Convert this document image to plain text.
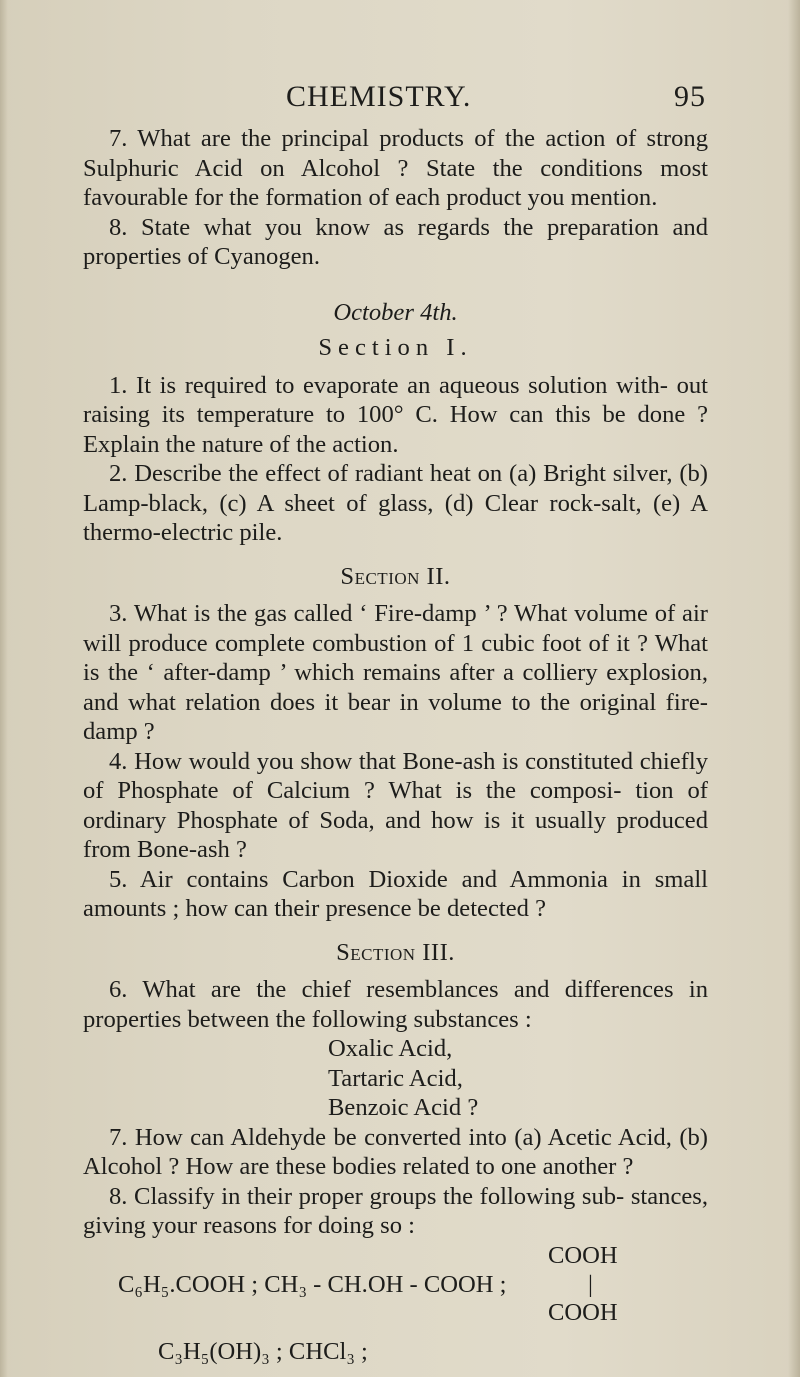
CHEMISTRY.	95

7. What are the principal products of the action of strong Sulphuric Acid on Alcohol ? State the conditions most favourable for the formation of each product you mention.

8. State what you know as regards the preparation and properties of Cyanogen.

October 4th.

Section I.

1. It is required to evaporate an aqueous solution with- out raising its temperature to 100° C. How can this be done ? Explain the nature of the action.

2. Describe the effect of radiant heat on (a) Bright silver, (b) Lamp-black, (c) A sheet of glass, (d) Clear rock-salt, (e) A thermo-electric pile.

Section II.

3. What is the gas called ‘ Fire-damp ’ ? What volume of air will produce complete combustion of 1 cubic foot of it ? What is the ‘ after-damp ’ which remains after a colliery explosion, and what relation does it bear in volume to the original fire-damp ?

4. How would you show that Bone-ash is constituted chiefly of Phosphate of Calcium ? What is the composi- tion of ordinary Phosphate of Soda, and how is it usually produced from Bone-ash ?

5. Air contains Carbon Dioxide and Ammonia in small amounts ; how can their presence be detected ?

Section III.

6. What are the chief resemblances and differences in properties between the following substances :

Oxalic Acid,
Tartaric Acid,
Benzoic Acid ?

7. How can Aldehyde be converted into (a) Acetic Acid, (b) Alcohol ? How are these bodies related to one another ?

8. Classify in their proper groups the following sub- stances, giving your reasons for doing so :

COOH
C₆H₅.COOH ; CH₃ - CH.OH - COOH ;	|
COOH
C₃H₅(OH)₃ ; CHCl₃ ;
